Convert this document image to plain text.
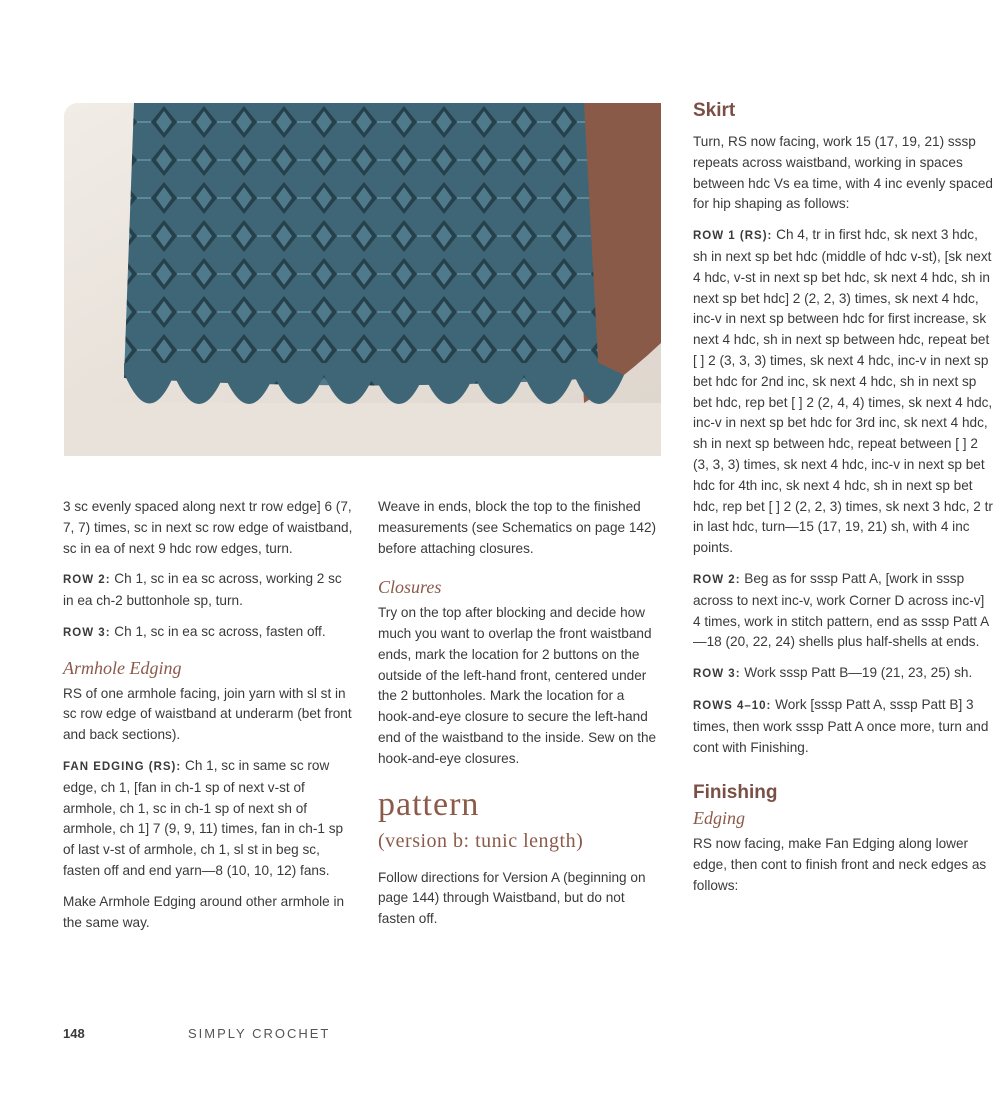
3 sc evenly spaced along next tr row edge] 6 (7, 7, 7) times, sc in next sc row edge of waistband, sc in ea of next 9 hdc row edges, turn.

ROW 2: Ch 1, sc in ea sc across, working 2 sc in ea ch-2 buttonhole sp, turn.

ROW 3: Ch 1, sc in ea sc across, fasten off.

Armhole Edging

RS of one armhole facing, join yarn with sl st in sc row edge of waistband at underarm (bet front and back sections).

FAN EDGING (RS): Ch 1, sc in same sc row edge, ch 1, [fan in ch-1 sp of next v-st of armhole, ch 1, sc in ch-1 sp of next sh of armhole, ch 1] 7 (9, 9, 11) times, fan in ch-1 sp of last v-st of armhole, ch 1, sl st in beg sc, fasten off and end yarn—8 (10, 10, 12) fans.

Make Armhole Edging around other armhole in the same way.

Weave in ends, block the top to the finished measurements (see Schematics on page 142) before attaching closures.

Closures

Try on the top after blocking and decide how much you want to overlap the front waistband ends, mark the location for 2 buttons on the outside of the left-hand front, centered under the 2 buttonholes. Mark the location for a hook-and-eye closure to secure the left-hand end of the waistband to the inside. Sew on the hook-and-eye closures.

pattern
(version b: tunic length)

Follow directions for Version A (beginning on page 144) through Waistband, but do not fasten off.

Skirt

Turn, RS now facing, work 15 (17, 19, 21) sssp repeats across waistband, working in spaces between hdc Vs ea time, with 4 inc evenly spaced for hip shaping as follows:

ROW 1 (RS): Ch 4, tr in first hdc, sk next 3 hdc, sh in next sp bet hdc (middle of hdc v-st), [sk next 4 hdc, v-st in next sp bet hdc, sk next 4 hdc, sh in next sp bet hdc] 2 (2, 2, 3) times, sk next 4 hdc, inc-v in next sp between hdc for first increase, sk next 4 hdc, sh in next sp between hdc, repeat bet [ ] 2 (3, 3, 3) times, sk next 4 hdc, inc-v in next sp bet hdc for 2nd inc, sk next 4 hdc, sh in next sp bet hdc, rep bet [ ] 2 (2, 4, 4) times, sk next 4 hdc, inc-v in next sp bet hdc for 3rd inc, sk next 4 hdc, sh in next sp between hdc, repeat between [ ] 2 (3, 3, 3) times, sk next 4 hdc, inc-v in next sp bet hdc for 4th inc, sk next 4 hdc, sh in next sp bet hdc, rep bet [ ] 2 (2, 2, 3) times, sk next 3 hdc, 2 tr in last hdc, turn—15 (17, 19, 21) sh, with 4 inc points.

ROW 2: Beg as for sssp Patt A, [work in sssp across to next inc-v, work Corner D across inc-v] 4 times, work in stitch pattern, end as sssp Patt A—18 (20, 22, 24) shells plus half-shells at ends.

ROW 3: Work sssp Patt B—19 (21, 23, 25) sh.

ROWS 4–10: Work [sssp Patt A, sssp Patt B] 3 times, then work sssp Patt A once more, turn and cont with Finishing.

Finishing
Edging

RS now facing, make Fan Edging along lower edge, then cont to finish front and neck edges as follows:

148	SIMPLY CROCHET
